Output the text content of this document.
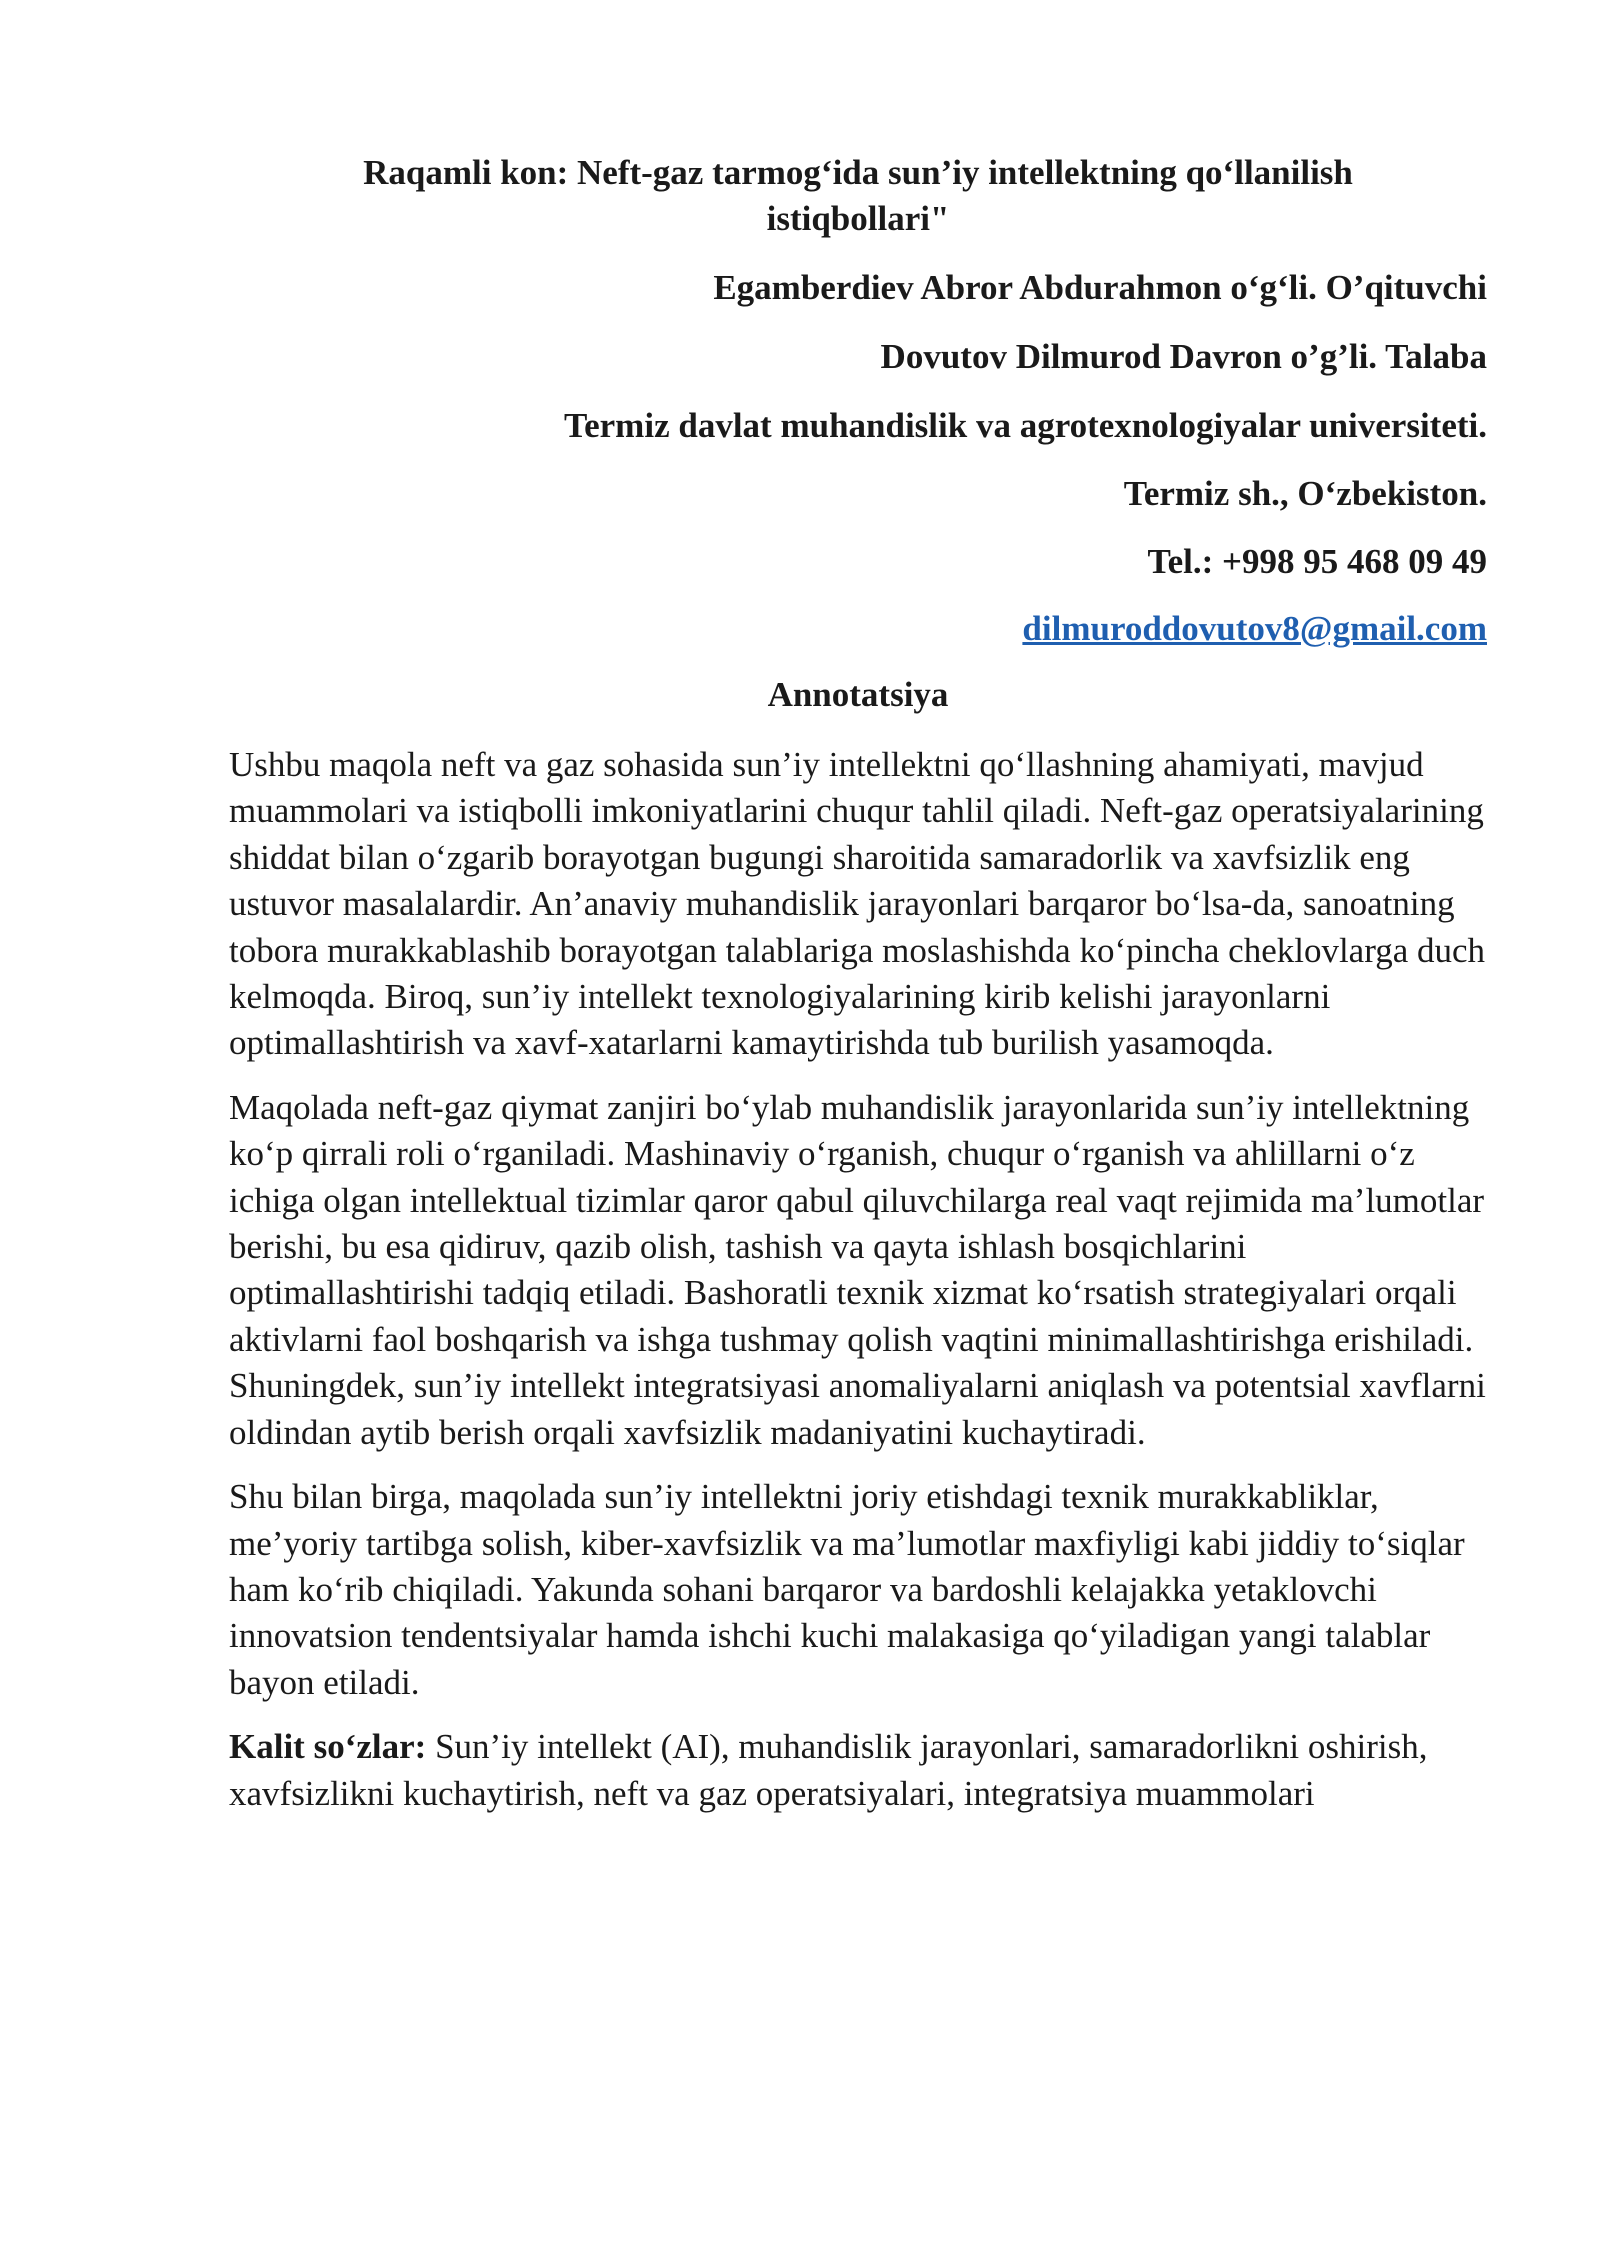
Raqamli kon: Neft-gaz tarmog‘ida sun’iy intellektning qo‘llanilish istiqbollari"

Egamberdiev Abror Abdurahmon o‘g‘li. O’qituvchi

Dovutov Dilmurod Davron o’g’li. Talaba

Termiz davlat muhandislik va agrotexnologiyalar universiteti.

Termiz sh., O‘zbekiston.

Tel.: +998 95 468 09 49

dilmuroddovutov8@gmail.com

Annotatsiya

Ushbu maqola neft va gaz sohasida sun’iy intellektni qo‘llashning ahamiyati, mavjud muammolari va istiqbolli imkoniyatlarini chuqur tahlil qiladi. Neft-gaz operatsiyalarining shiddat bilan o‘zgarib borayotgan bugungi sharoitida samaradorlik va xavfsizlik eng ustuvor masalalardir. An’anaviy muhandislik jarayonlari barqaror bo‘lsa-da, sanoatning tobora murakkablashib borayotgan talablariga moslashishda ko‘pincha cheklovlarga duch kelmoqda. Biroq, sun’iy intellekt texnologiyalarining kirib kelishi jarayonlarni optimallashtirish va xavf-xatarlarni kamaytirishda tub burilish yasamoqda.

Maqolada neft-gaz qiymat zanjiri bo‘ylab muhandislik jarayonlarida sun’iy intellektning ko‘p qirrali roli o‘rganiladi. Mashinaviy o‘rganish, chuqur o‘rganish va ahlillarni o‘z ichiga olgan intellektual tizimlar qaror qabul qiluvchilarga real vaqt rejimida ma’lumotlar berishi, bu esa qidiruv, qazib olish, tashish va qayta ishlash bosqichlarini optimallashtirishi tadqiq etiladi. Bashoratli texnik xizmat ko‘rsatish strategiyalari orqali aktivlarni faol boshqarish va ishga tushmay qolish vaqtini minimallashtirishga erishiladi. Shuningdek, sun’iy intellekt integratsiyasi anomaliyalarni aniqlash va potentsial xavflarni oldindan aytib berish orqali xavfsizlik madaniyatini kuchaytiradi.

Shu bilan birga, maqolada sun’iy intellektni joriy etishdagi texnik murakkabliklar, me’yoriy tartibga solish, kiber-xavfsizlik va ma’lumotlar maxfiyligi kabi jiddiy to‘siqlar ham ko‘rib chiqiladi. Yakunda sohani barqaror va bardoshli kelajakka yetaklovchi innovatsion tendentsiyalar hamda ishchi kuchi malakasiga qo‘yiladigan yangi talablar bayon etiladi.

Kalit so‘zlar: Sun’iy intellekt (AI), muhandislik jarayonlari, samaradorlikni oshirish, xavfsizlikni kuchaytirish, neft va gaz operatsiyalari, integratsiya muammolari
